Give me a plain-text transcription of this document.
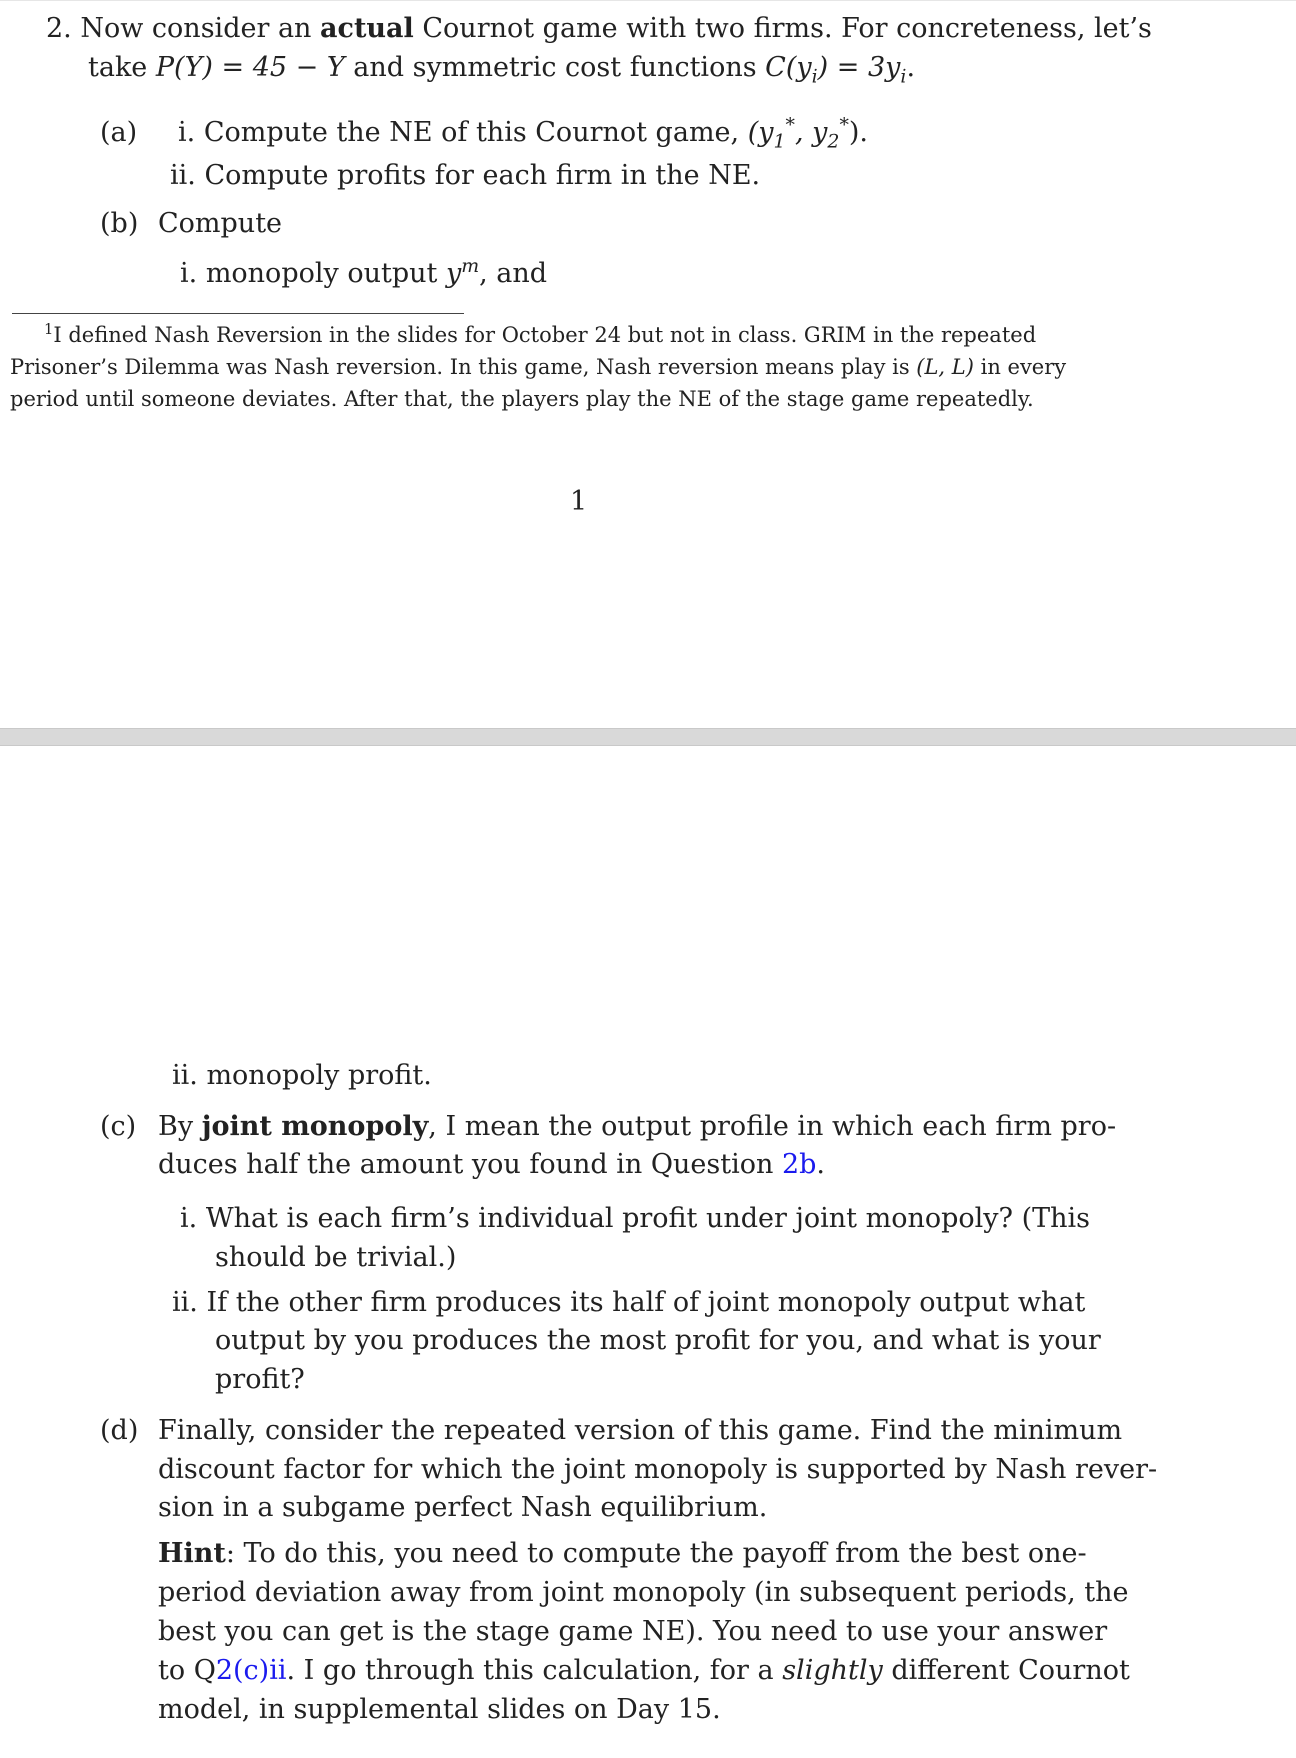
2. Now consider an actual Cournot game with two firms. For concreteness, let’s
take P(Y) = 45 − Y and symmetric cost functions $C(y_i) = 3y_i$.
(a) i. Compute the NE of this Cournot game, ($y_1^*$, $y_2^*$).
ii. Compute profits for each firm in the NE.
(b) Compute
i. monopoly output $y^m$, and
$^1$I defined Nash Reversion in the slides for October 24 but not in class. GRIM in the repeated
Prisoner’s Dilemma was Nash reversion. In this game, Nash reversion means play is (L, L) in every
period until someone deviates. After that, the players play the NE of the stage game repeatedly.
1
ii. monopoly profit.
(c) By joint monopoly, I mean the output profile in which each firm pro-
duces half the amount you found in Question 2b.
i. What is each firm’s individual profit under joint monopoly? (This
should be trivial.)
ii. If the other firm produces its half of joint monopoly output what
output by you produces the most profit for you, and what is your
profit?
(d) Finally, consider the repeated version of this game. Find the minimum
discount factor for which the joint monopoly is supported by Nash rever-
sion in a subgame perfect Nash equilibrium.
Hint: To do this, you need to compute the payoff from the best one-
period deviation away from joint monopoly (in subsequent periods, the
best you can get is the stage game NE). You need to use your answer
to Q2(c)ii. I go through this calculation, for a slightly different Cournot
model, in supplemental slides on Day 15.
